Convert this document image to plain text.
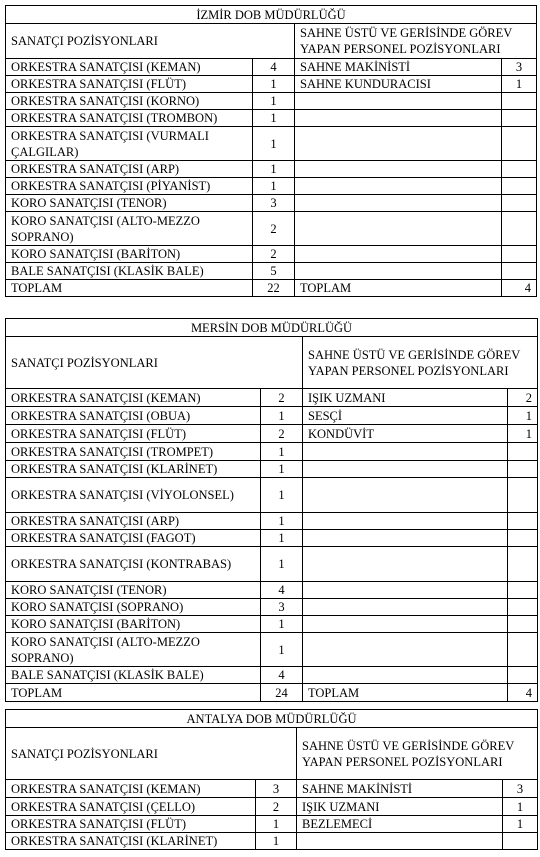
İZMİR DOB MÜDÜRLÜĞÜ			
SANATÇI POZİSYONLARI		SAHNE ÜSTÜ VE GERİSİNDE GÖREV YAPAN PERSONEL POZİSYONLARI	
ORKESTRA SANATÇISI (KEMAN)	4	SAHNE MAKİNİSTİ	3
ORKESTRA SANATÇISI (FLÜT)	1	SAHNE KUNDURACISI	1
ORKESTRA SANATÇISI (KORNO)	1		
ORKESTRA SANATÇISI (TROMBON)	1		
ORKESTRA SANATÇISI (VURMALI ÇALGILAR)	1		
ORKESTRA SANATÇISI (ARP)	1		
ORKESTRA SANATÇISI (PİYANİST)	1		
KORO SANATÇISI (TENOR)	3		
KORO SANATÇISI (ALTO-MEZZO SOPRANO)	2		
KORO SANATÇISI (BARİTON)	2		
BALE SANATÇISI (KLASİK BALE)	5		
TOPLAM	22	TOPLAM	4
MERSİN DOB MÜDÜRLÜĞÜ			
SANATÇI POZİSYONLARI		SAHNE ÜSTÜ VE GERİSİNDE GÖREV YAPAN PERSONEL POZİSYONLARI	
ORKESTRA SANATÇISI (KEMAN)	2	IŞIK UZMANI	2
ORKESTRA SANATÇISI (OBUA)	1	SESÇİ	1
ORKESTRA SANATÇISI (FLÜT)	2	KONDÜVİT	1
ORKESTRA SANATÇISI (TROMPET)	1		
ORKESTRA SANATÇISI (KLARİNET)	1		
ORKESTRA SANATÇISI (VİYOLONSEL)	1		
ORKESTRA SANATÇISI (ARP)	1		
ORKESTRA SANATÇISI (FAGOT)	1		
ORKESTRA SANATÇISI (KONTRABAS)	1		
KORO SANATÇISI (TENOR)	4		
KORO SANATÇISI (SOPRANO)	3		
KORO SANATÇISI (BARİTON)	1		
KORO SANATÇISI (ALTO-MEZZO SOPRANO)	1		
BALE SANATÇISI (KLASİK BALE)	4		
TOPLAM	24	TOPLAM	4
ANTALYA DOB MÜDÜRLÜĞÜ			
SANATÇI POZİSYONLARI		SAHNE ÜSTÜ VE GERİSİNDE GÖREV YAPAN PERSONEL POZİSYONLARI	
ORKESTRA SANATÇISI (KEMAN)	3	SAHNE MAKİNİSTİ	3
ORKESTRA SANATÇISI (ÇELLO)	2	IŞIK UZMANI	1
ORKESTRA SANATÇISI (FLÜT)	1	BEZLEMECİ	1
ORKESTRA SANATÇISI (KLARİNET)	1		
